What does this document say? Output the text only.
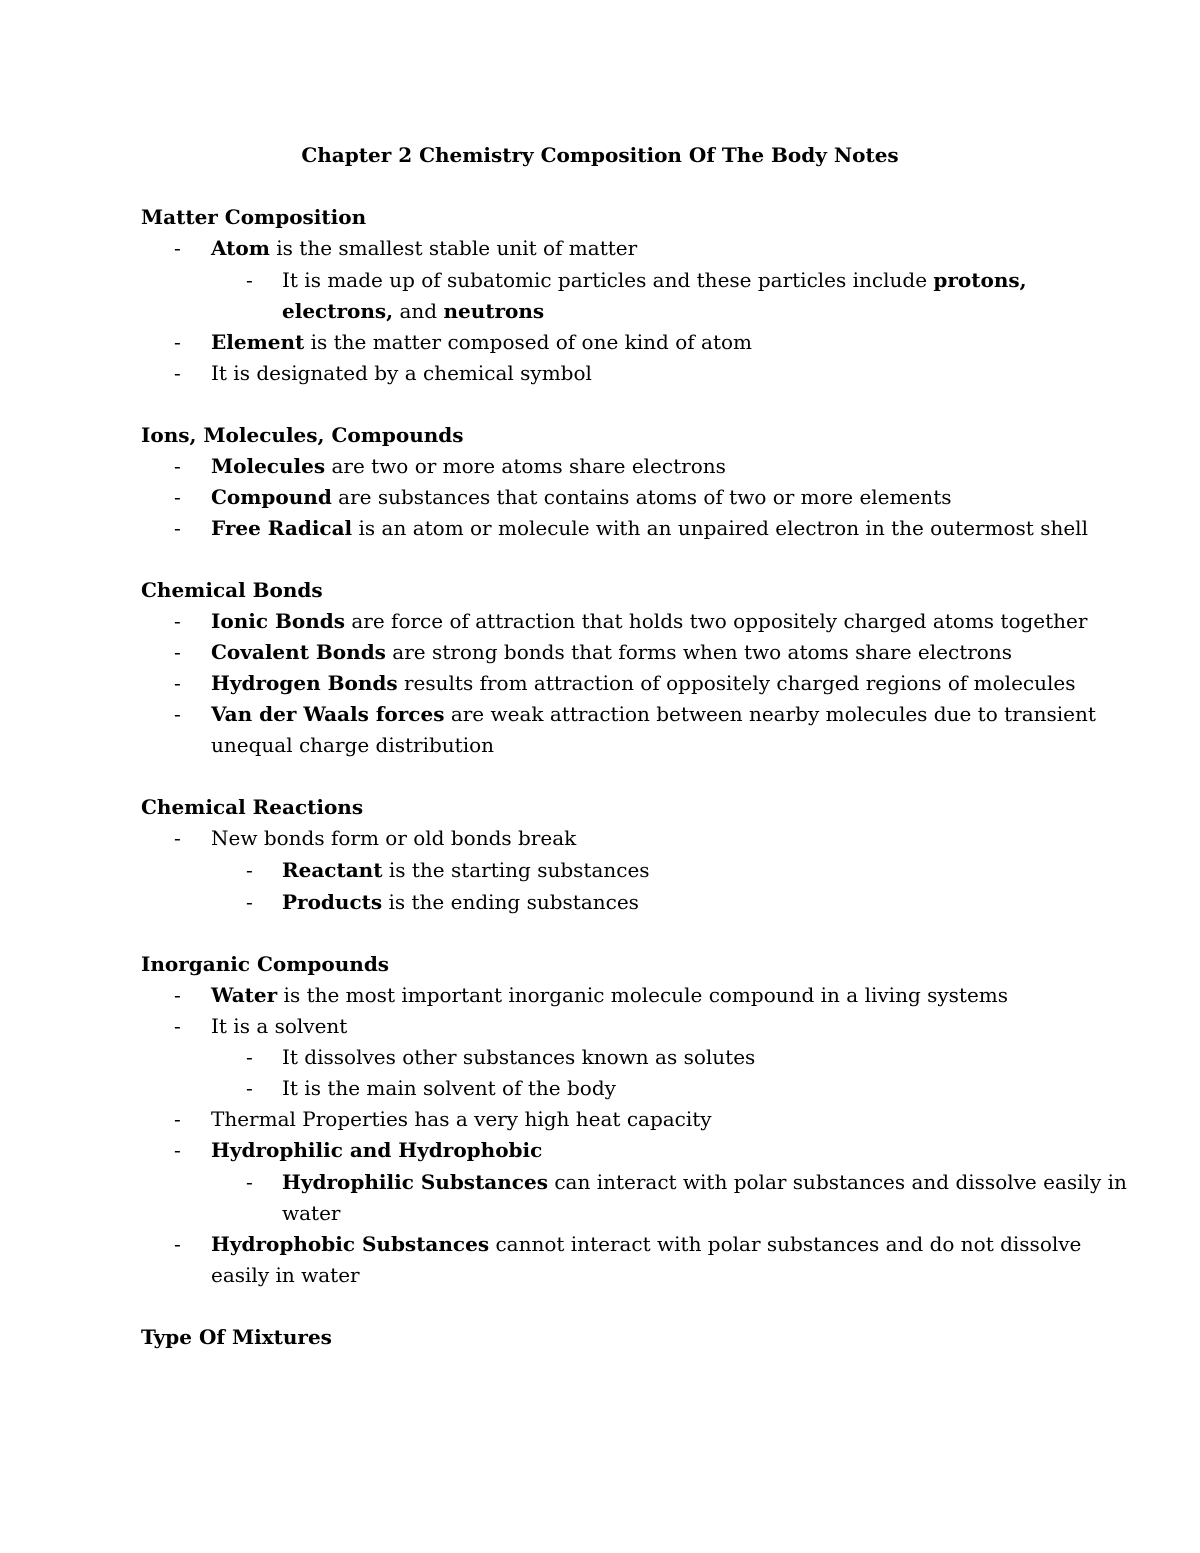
Chapter 2 Chemistry Composition Of The Body Notes
Matter Composition
- Atom is the smallest stable unit of matter
- It is made up of subatomic particles and these particles include protons,
electrons, and neutrons
- Element is the matter composed of one kind of atom
- It is designated by a chemical symbol
Ions, Molecules, Compounds
- Molecules are two or more atoms share electrons
- Compound are substances that contains atoms of two or more elements
- Free Radical is an atom or molecule with an unpaired electron in the outermost shell
Chemical Bonds
- Ionic Bonds are force of attraction that holds two oppositely charged atoms together
- Covalent Bonds are strong bonds that forms when two atoms share electrons
- Hydrogen Bonds results from attraction of oppositely charged regions of molecules
- Van der Waals forces are weak attraction between nearby molecules due to transient
unequal charge distribution
Chemical Reactions
- New bonds form or old bonds break
- Reactant is the starting substances
- Products is the ending substances
Inorganic Compounds
- Water is the most important inorganic molecule compound in a living systems
- It is a solvent
- It dissolves other substances known as solutes
- It is the main solvent of the body
- Thermal Properties has a very high heat capacity
- Hydrophilic and Hydrophobic
- Hydrophilic Substances can interact with polar substances and dissolve easily in
water
- Hydrophobic Substances cannot interact with polar substances and do not dissolve
easily in water
Type Of Mixtures
